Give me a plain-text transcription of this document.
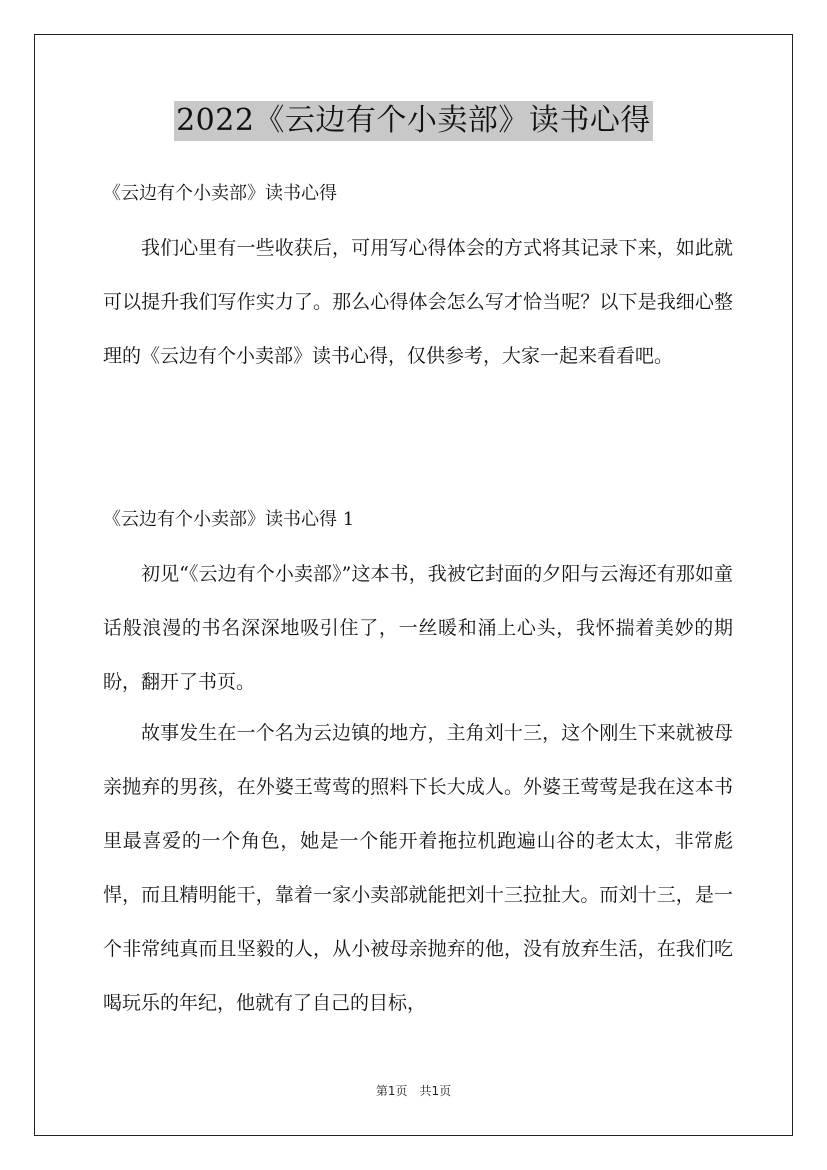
2022《云边有个小卖部》读书心得

《云边有个小卖部》读书心得

我们心里有一些收获后，可用写心得体会的方式将其记录下来，如此就可以提升我们写作实力了。那么心得体会怎么写才恰当呢？以下是我细心整理的《云边有个小卖部》读书心得，仅供参考，大家一起来看看吧。

《云边有个小卖部》读书心得 1

初见“《云边有个小卖部》”这本书，我被它封面的夕阳与云海还有那如童话般浪漫的书名深深地吸引住了，一丝暖和涌上心头，我怀揣着美妙的期盼，翻开了书页。

故事发生在一个名为云边镇的地方，主角刘十三，这个刚生下来就被母亲抛弃的男孩，在外婆王莺莺的照料下长大成人。外婆王莺莺是我在这本书里最喜爱的一个角色，她是一个能开着拖拉机跑遍山谷的老太太，非常彪悍，而且精明能干，靠着一家小卖部就能把刘十三拉扯大。而刘十三，是一个非常纯真而且坚毅的人，从小被母亲抛弃的他，没有放弃生活，在我们吃喝玩乐的年纪，他就有了自己的目标，

第1页　共1页
